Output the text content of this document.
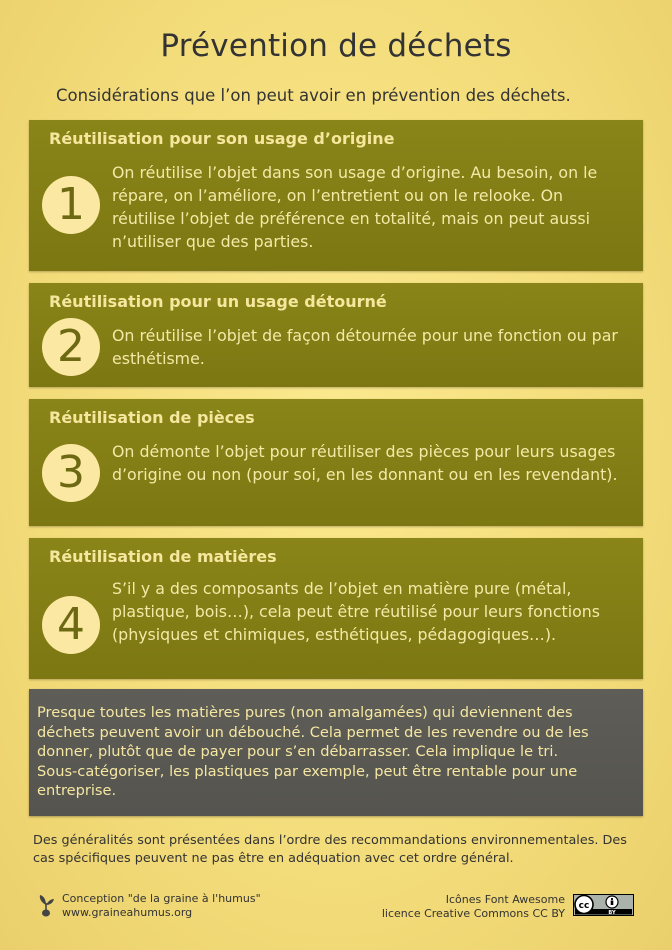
Prévention de déchets
Considérations que l’on peut avoir en prévention des déchets.
Réutilisation pour son usage d’origine
1
On réutilise l’objet dans son usage d’origine. Au besoin, on le répare, on l’améliore, on l’entretient ou on le relooke. On réutilise l’objet de préférence en totalité, mais on peut aussi n’utiliser que des parties.
Réutilisation pour un usage détourné
2	On réutilise l’objet de façon détournée pour une fonction ou par esthétisme.
Réutilisation de pièces
3	On démonte l’objet pour réutiliser des pièces pour leurs usages d’origine ou non (pour soi, en les donnant ou en les revendant).
Réutilisation de matières
4
S’il y a des composants de l’objet en matière pure (métal, plastique, bois…), cela peut être réutilisé pour leurs fonctions (physiques et chimiques, esthétiques, pédagogiques…).
Presque toutes les matières pures (non amalgamées) qui deviennent des déchets peuvent avoir un débouché. Cela permet de les revendre ou de les donner, plutôt que de payer pour s’en débarrasser. Cela implique le tri.
Sous-catégoriser, les plastiques par exemple, peut être rentable pour une entreprise.
Des généralités sont présentées dans l’ordre des recommandations environnementales. Des cas spécifiques peuvent ne pas être en adéquation avec cet ordre général.
Conception "de la graine à l'humus"
www.graineahumus.org
Icônes Font Awesome
licence Creative Commons CC BY
cc
BY
